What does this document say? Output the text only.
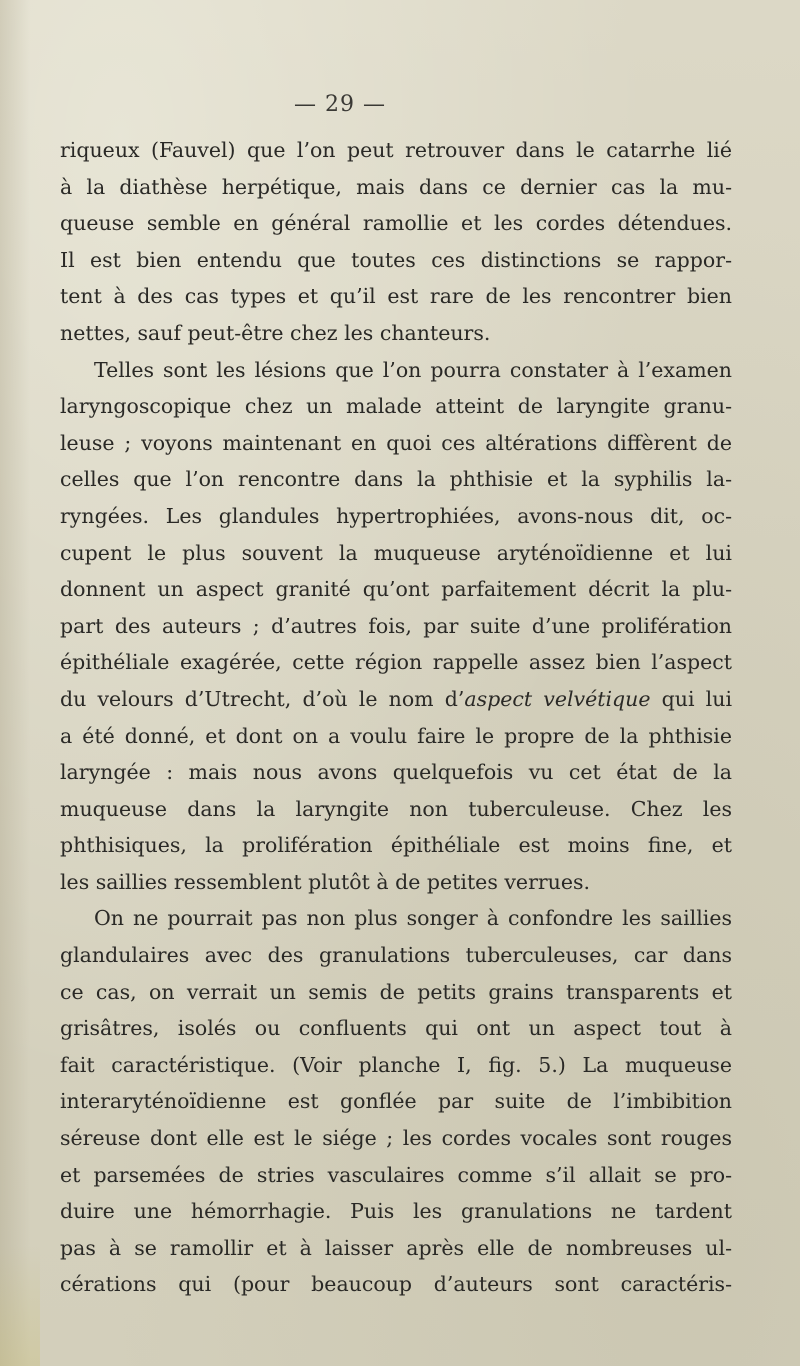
— 29 —
riqueux (Fauvel) que l’on peut retrouver dans le catarrhe lié
à la diathèse herpétique, mais dans ce dernier cas la mu-
queuse semble en général ramollie et les cordes détendues.
Il est bien entendu que toutes ces distinctions se rappor-
tent à des cas types et qu’il est rare de les rencontrer bien
nettes, sauf peut-être chez les chanteurs.
Telles sont les lésions que l’on pourra constater à l’examen
laryngoscopique chez un malade atteint de laryngite granu-
leuse ; voyons maintenant en quoi ces altérations diffèrent de
celles que l’on rencontre dans la phthisie et la syphilis la-
ryngées. Les glandules hypertrophiées, avons-nous dit, oc-
cupent le plus souvent la muqueuse aryténoïdienne et lui
donnent un aspect granité qu’ont parfaitement décrit la plu-
part des auteurs ; d’autres fois, par suite d’une prolifération
épithéliale exagérée, cette région rappelle assez bien l’aspect
du velours d’Utrecht, d’où le nom d’aspect velvétique qui lui
a été donné, et dont on a voulu faire le propre de la phthisie
laryngée : mais nous avons quelquefois vu cet état de la
muqueuse dans la laryngite non tuberculeuse. Chez les
phthisiques, la prolifération épithéliale est moins fine, et
les saillies ressemblent plutôt à de petites verrues.
On ne pourrait pas non plus songer à confondre les saillies
glandulaires avec des granulations tuberculeuses, car dans
ce cas, on verrait un semis de petits grains transparents et
grisâtres, isolés ou confluents qui ont un aspect tout à
fait caractéristique. (Voir planche I, fig. 5.) La muqueuse
interaryténoïdienne est gonflée par suite de l’imbibition
séreuse dont elle est le siége ; les cordes vocales sont rouges
et parsemées de stries vasculaires comme s’il allait se pro-
duire une hémorrhagie. Puis les granulations ne tardent
pas à se ramollir et à laisser après elle de nombreuses ul-
cérations qui (pour beaucoup d’auteurs sont caractéris-
